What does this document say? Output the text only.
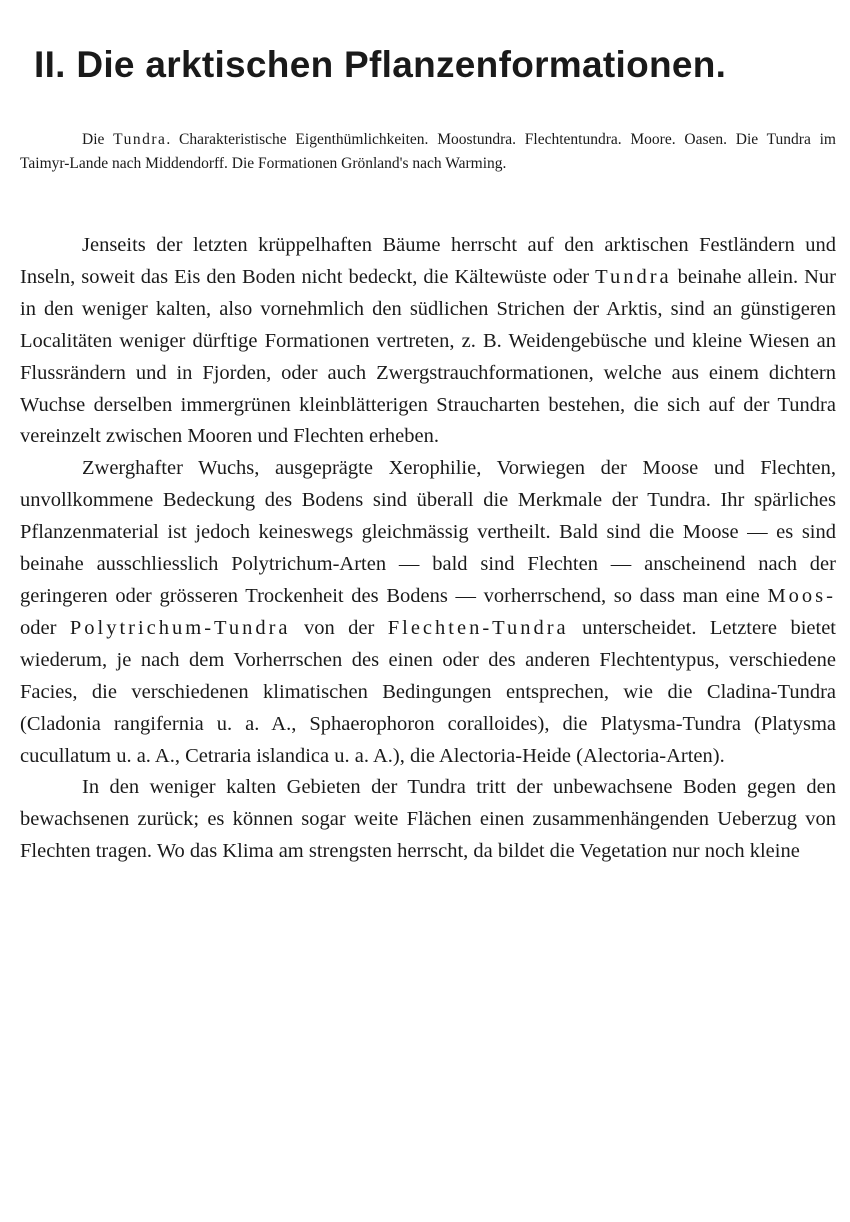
II. Die arktischen Pflanzenformationen.

Die Tundra. Charakteristische Eigenthümlichkeiten. Moostundra. Flechtentundra. Moore. Oasen. Die Tundra im Taimyr-Lande nach Middendorff. Die Formationen Grönland's nach Warming.

Jenseits der letzten krüppelhaften Bäume herrscht auf den arktischen Festländern und Inseln, soweit das Eis den Boden nicht bedeckt, die Kältewüste oder Tundra beinahe allein. Nur in den weniger kalten, also vornehmlich den südlichen Strichen der Arktis, sind an günstigeren Localitäten weniger dürftige Formationen vertreten, z. B. Weidengebüsche und kleine Wiesen an Flussrändern und in Fjorden, oder auch Zwergstrauchformationen, welche aus einem dichtern Wuchse derselben immergrünen kleinblätterigen Straucharten bestehen, die sich auf der Tundra vereinzelt zwischen Mooren und Flechten erheben.

Zwerghafter Wuchs, ausgeprägte Xerophilie, Vorwiegen der Moose und Flechten, unvollkommene Bedeckung des Bodens sind überall die Merkmale der Tundra. Ihr spärliches Pflanzenmaterial ist jedoch keineswegs gleichmässig vertheilt. Bald sind die Moose — es sind beinahe ausschliesslich Polytrichum-Arten — bald sind Flechten — anscheinend nach der geringeren oder grösseren Trockenheit des Bodens — vorherrschend, so dass man eine Moos- oder Polytrichum-Tundra von der Flechten-Tundra unterscheidet. Letztere bietet wiederum, je nach dem Vorherrschen des einen oder des anderen Flechtentypus, verschiedene Facies, die verschiedenen klimatischen Bedingungen entsprechen, wie die Cladina-Tundra (Cladonia rangifernia u. a. A., Sphaerophoron coralloides), die Platysma-Tundra (Platysma cucullatum u. a. A., Cetraria islandica u. a. A.), die Alectoria-Heide (Alectoria-Arten).

In den weniger kalten Gebieten der Tundra tritt der unbewachsene Boden gegen den bewachsenen zurück; es können sogar weite Flächen einen zusammenhängenden Ueberzug von Flechten tragen. Wo das Klima am strengsten herrscht, da bildet die Vegetation nur noch kleine
